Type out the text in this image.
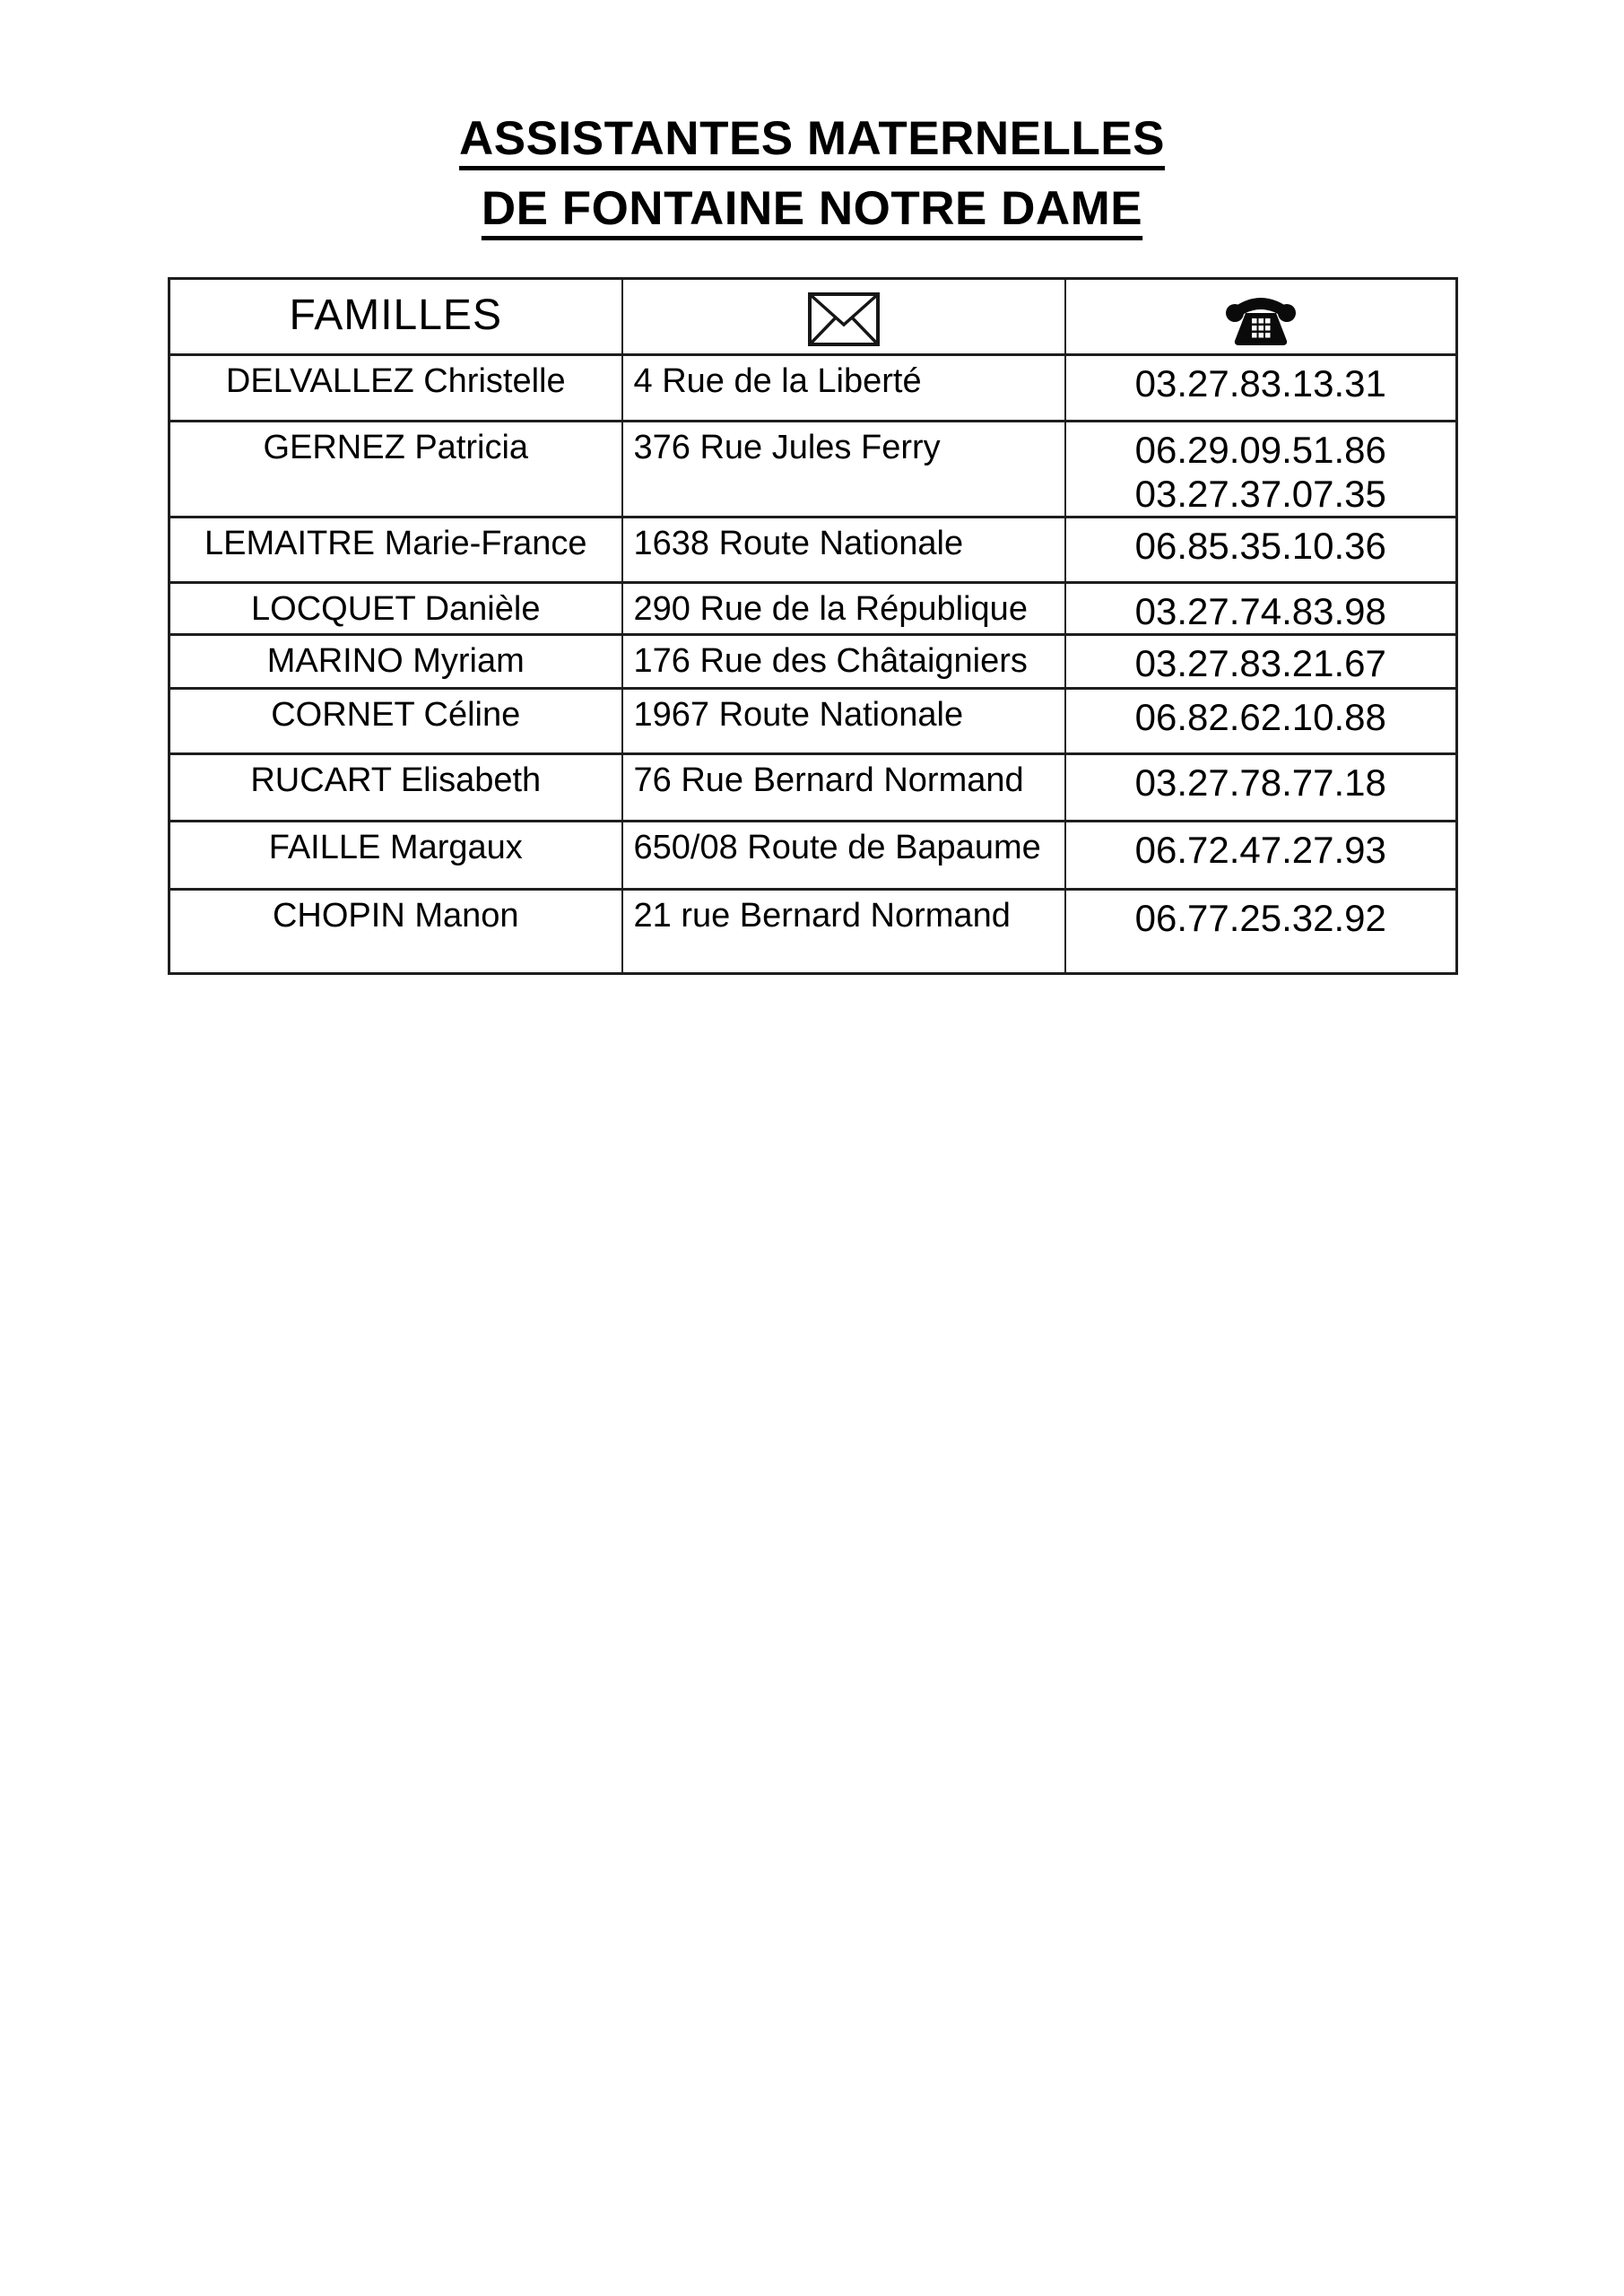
ASSISTANTES MATERNELLES
DE FONTAINE NOTRE DAME
FAMILLES		
DELVALLEZ Christelle	4 Rue de la Liberté	03.27.83.13.31

GERNEZ Patricia	376 Rue Jules Ferry	06.29.09.51.86
03.27.37.07.35

LEMAITRE Marie-France	1638 Route Nationale	06.85.35.10.36

LOCQUET Danièle	290 Rue de la République	03.27.74.83.98

MARINO Myriam	176 Rue des Châtaigniers	03.27.83.21.67

CORNET Céline	1967 Route Nationale	06.82.62.10.88

RUCART Elisabeth	76 Rue Bernard Normand	03.27.78.77.18

FAILLE Margaux	650/08 Route de Bapaume	06.72.47.27.93

CHOPIN Manon	21 rue Bernard Normand	06.77.25.32.92
